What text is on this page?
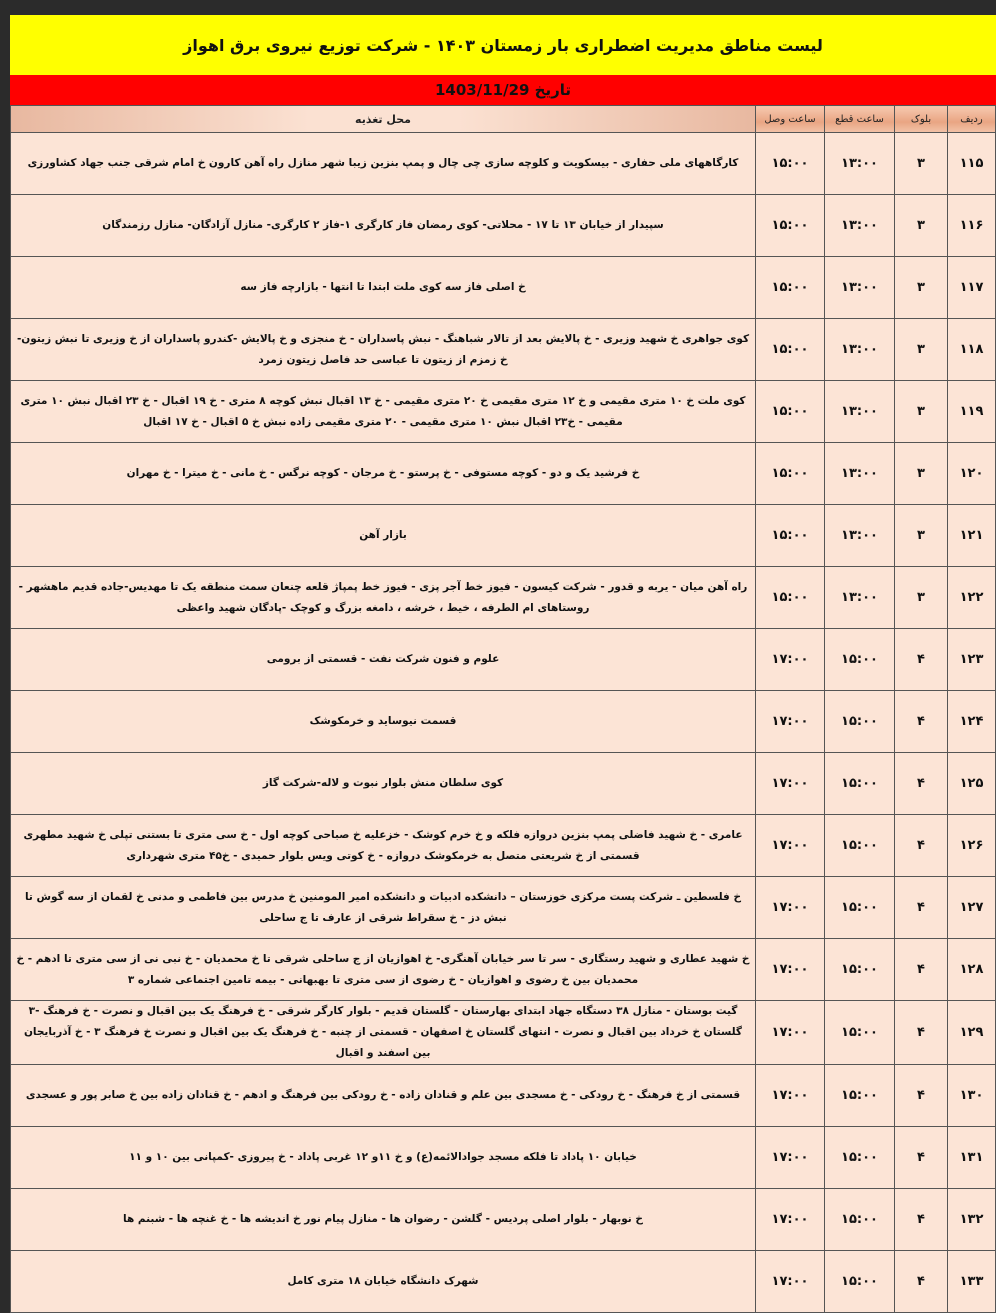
لیست مناطق مدیریت اضطراری بار زمستان ۱۴۰۳ - شرکت توزیع نیروی برق اهواز
تاریخ 1403/11/29
ردیف	بلوک	ساعت قطع	ساعت وصل	محل تغذیه
۱۱۵	۳	۱۳:۰۰	۱۵:۰۰	کارگاههای ملی حفاری - بیسکویت و کلوچه سازی چی چال و پمپ بنزین زیبا شهر منازل راه آهن کارون خ امام شرقی جنب جهاد کشاورزی
۱۱۶	۳	۱۳:۰۰	۱۵:۰۰	سپیدار از خیابان ۱۳ تا ۱۷ - محلاتی- کوی رمضان فاز کارگری ۱-فاز ۲ کارگری- منازل آزادگان- منازل رزمندگان
۱۱۷	۳	۱۳:۰۰	۱۵:۰۰	خ اصلی فاز سه کوی ملت ابتدا تا انتها - بازارچه فاز سه
۱۱۸	۳	۱۳:۰۰	۱۵:۰۰	کوی جواهری خ شهید وزیری - خ پالایش بعد از تالار شباهنگ - نبش پاسداران - خ منجزی و خ پالایش -کندرو پاسداران از خ وزیری تا نبش زیتون- خ زمزم از زیتون تا عباسی حد فاصل زیتون زمرد
۱۱۹	۳	۱۳:۰۰	۱۵:۰۰	کوی ملت خ ۱۰ متری مقیمی و خ ۱۲ متری مقیمی خ ۲۰ متری مقیمی - خ ۱۳ اقبال نبش کوچه ۸ متری - خ ۱۹ اقبال - خ ۲۳ اقبال نبش ۱۰ متری مقیمی - خ۲۳ اقبال نبش ۱۰ متری مقیمی - ۲۰ متری مقیمی زاده نبش خ ۵ اقبال - خ ۱۷ اقبال
۱۲۰	۳	۱۳:۰۰	۱۵:۰۰	خ فرشید یک و دو - کوچه مستوفی - خ پرستو - خ مرجان - کوچه نرگس - خ مانی - خ میترا - خ مهران
۱۲۱	۳	۱۳:۰۰	۱۵:۰۰	بازار آهن
۱۲۲	۳	۱۳:۰۰	۱۵:۰۰	راه آهن میان - یربه و قدور - شرکت کیسون - فیوز خط آجر پزی - فیوز خط پمپاژ قلعه چنعان سمت منطقه یک تا مهدیس-جاده قدیم ماهشهر - روستاهای ام الطرفه ، خیط ، خرشه ، دامغه بزرگ و کوچک -پادگان شهید واعظی
۱۲۳	۴	۱۵:۰۰	۱۷:۰۰	علوم و فنون شرکت نفت - قسمتی از برومی
۱۲۴	۴	۱۵:۰۰	۱۷:۰۰	قسمت نیوساید و خرمکوشک
۱۲۵	۴	۱۵:۰۰	۱۷:۰۰	کوی سلطان منش بلوار نبوت و لاله-شرکت گاز
۱۲۶	۴	۱۵:۰۰	۱۷:۰۰	عامری - خ شهید فاضلی پمپ بنزین دروازه فلکه و خ خرم کوشک - خزعلیه خ صباحی کوچه اول - خ سی متری تا بستنی تپلی خ شهید مطهری قسمتی از خ شریعتی متصل به خرمکوشک دروازه - خ کوتی ویس بلوار حمیدی - خ۴۵ متری شهرداری
۱۲۷	۴	۱۵:۰۰	۱۷:۰۰	خ فلسطین ـ شرکت پست مرکزی خوزستان – دانشکده ادبیات و دانشکده امیر المومنین خ مدرس بین فاطمی و مدنی خ لقمان از سه گوش تا نبش دز - خ سقراط شرقی از عارف تا ج ساحلی
۱۲۸	۴	۱۵:۰۰	۱۷:۰۰	خ شهید عطاری و شهید رستگاری - سر تا سر خیابان آهنگری- خ اهوازیان از ج ساحلی شرقی تا خ محمدیان - خ نبی نی از سی متری تا ادهم - خ محمدیان بین خ رضوی و اهوازیان - خ رضوی از سی متری تا بهبهانی - بیمه تامین اجتماعی شماره ۳
۱۲۹	۴	۱۵:۰۰	۱۷:۰۰	گیت بوستان - منازل ۳۸ دستگاه جهاد ابتدای بهارستان - گلستان قدیم - بلوار کارگر شرقی - خ فرهنگ یک بین اقبال و نصرت - خ فرهنگ -۳ گلستان خ خرداد بین اقبال و نصرت - انتهای گلستان خ اصفهان - قسمتی از چنبه - خ فرهنگ یک بین اقبال و نصرت خ فرهنگ ۳ - خ آذربایجان بین اسفند و اقبال
۱۳۰	۴	۱۵:۰۰	۱۷:۰۰	قسمتی از خ فرهنگ - خ رودکی - خ مسجدی بین علم و قنادان زاده - خ رودکی بین فرهنگ و ادهم - خ قنادان زاده بین خ صابر پور و عسجدی
۱۳۱	۴	۱۵:۰۰	۱۷:۰۰	خیابان ۱۰ پاداد تا فلکه مسجد جوادالائمه(ع) و خ ۱۱و ۱۲ غربی پاداد - خ پیروزی -کمپانی بین ۱۰ و ۱۱
۱۳۲	۴	۱۵:۰۰	۱۷:۰۰	خ نوبهار - بلوار اصلی پردیس - گلشن - رضوان ها - منازل پیام نور خ اندیشه ها - خ غنچه ها - شبنم ها
۱۳۳	۴	۱۵:۰۰	۱۷:۰۰	شهرک دانشگاه خیابان ۱۸ متری کامل
